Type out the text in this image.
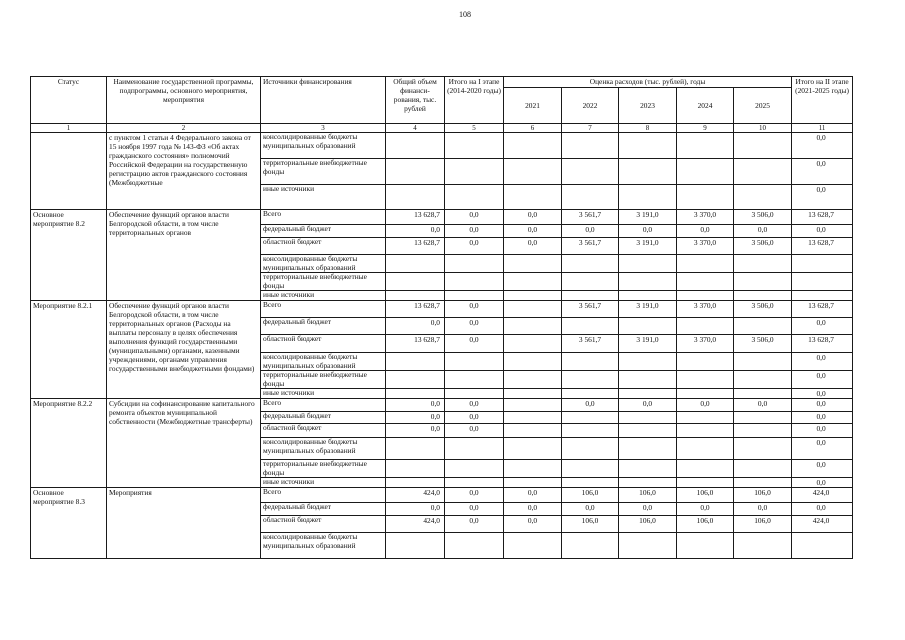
108
Статус	Наименование государственной программы, подпрограммы, основного мероприятия, мероприятия	Источники финансирования	Общий объем финанси-рования, тыс. рублей	Итого на I этапе (2014-2020 годы)	Оценка расходов (тыс. рублей), годы					Итого на II этапе (2021-2025 годы)
					2021	2022	2023	2024	2025	
1	2	3	4	5	6	7	8	9	10	11
	с пунктом 1 статьи 4 Федерального закона от 15 ноября 1997 года № 143-ФЗ «Об актах гражданского состояния» полномочий Российской Федерации на государственную регистрацию актов гражданского состояния (Межбюджетные	консолидированные бюджеты муниципальных образований								0,0
		территориальные внебюджетные фонды								0,0
		иные источники								0,0
Основное мероприятие 8.2	Обеспечение функций органов власти Белгородской области, в том числе территориальных органов	Всего	13 628,7	0,0	0,0	3 561,7	3 191,0	3 370,0	3 506,0	13 628,7
		федеральный бюджет	0,0	0,0	0,0	0,0	0,0	0,0	0,0	0,0
		областной бюджет	13 628,7	0,0	0,0	3 561,7	3 191,0	3 370,0	3 506,0	13 628,7
		консолидированные бюджеты муниципальных образований								
		территориальные внебюджетные фонды								
		иные источники								
Мероприятие 8.2.1	Обеспечение функций органов власти Белгородской области, в том числе территориальных органов (Расходы на выплаты персоналу в целях обеспечения выполнения функций государственными (муниципальными) органами, казенными учреждениями, органами управления государственными внебюджетными фондами)	Всего	13 628,7	0,0		3 561,7	3 191,0	3 370,0	3 506,0	13 628,7
		федеральный бюджет	0,0	0,0						0,0
		областной бюджет	13 628,7	0,0		3 561,7	3 191,0	3 370,0	3 506,0	13 628,7
		консолидированные бюджеты муниципальных образований								0,0
		территориальные внебюджетные фонды								0,0
		иные источники								0,0
Мероприятие 8.2.2	Субсидии на софинансирование капитального ремонта объектов муниципальной собственности (Межбюджетные трансферты)	Всего	0,0	0,0		0,0	0,0	0,0	0,0	0,0
		федеральный бюджет	0,0	0,0						0,0
		областной бюджет	0,0	0,0						0,0
		консолидированные бюджеты муниципальных образований								0,0
		территориальные внебюджетные фонды								0,0
		иные источники								0,0
Основное мероприятие 8.3	Мероприятия	Всего	424,0	0,0	0,0	106,0	106,0	106,0	106,0	424,0
		федеральный бюджет	0,0	0,0	0,0	0,0	0,0	0,0	0,0	0,0
		областной бюджет	424,0	0,0	0,0	106,0	106,0	106,0	106,0	424,0
		консолидированные бюджеты муниципальных образований								
